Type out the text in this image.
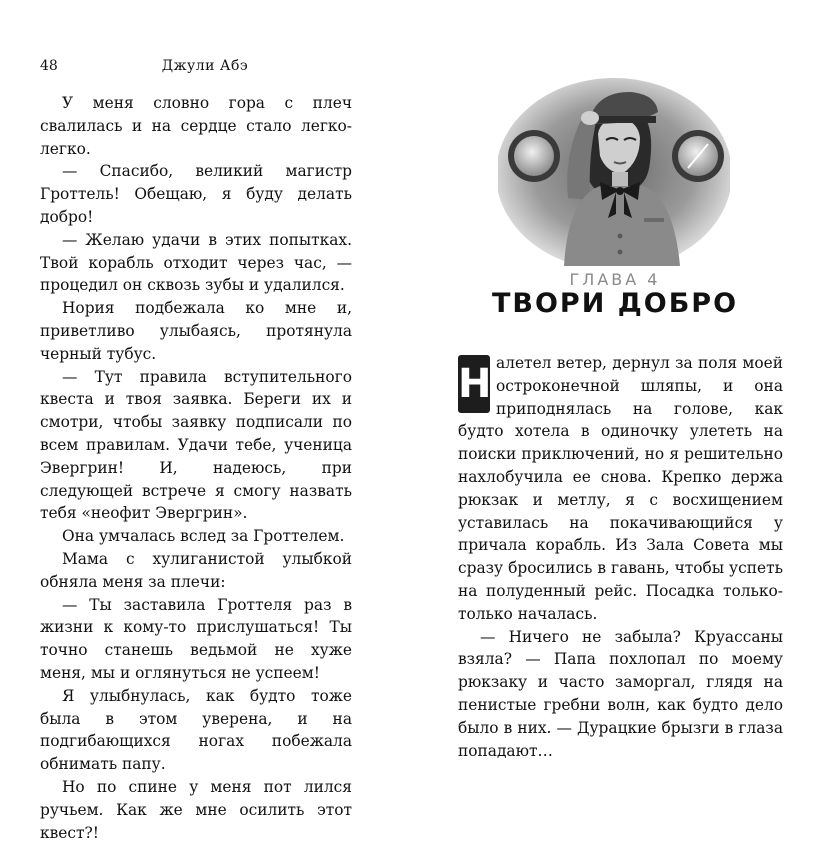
48	Джули Абэ

У меня словно гора с плеч свалилась и на сердце стало легко-легко.

— Спасибо, великий магистр Гроттель! Обещаю, я буду делать добро!

— Желаю удачи в этих попытках. Твой корабль отходит через час, — процедил он сквозь зубы и удалился.

Нория подбежала ко мне и, приветливо улыбаясь, протянула черный тубус.

— Тут правила вступительного квеста и твоя заявка. Береги их и смотри, чтобы заявку подписали по всем правилам. Удачи тебе, ученица Эвергрин! И, надеюсь, при следующей встрече я смогу назвать тебя «неофит Эвергрин».

Она умчалась вслед за Гроттелем.

Мама с хулиганистой улыбкой обняла меня за плечи:

— Ты заставила Гроттеля раз в жизни к кому-то прислушаться! Ты точно станешь ведьмой не хуже меня, мы и оглянуться не успеем!

Я улыбнулась, как будто тоже была в этом уверена, и на подгибающихся ногах побежала обнимать папу.

Но по спине у меня пот лился ручьем. Как же мне осилить этот квест?!

ГЛАВА 4
ТВОРИ ДОБРО

Н алетел ветер, дернул за поля моей остроконечной шляпы, и она приподнялась на голове, как будто хотела в одиночку улететь на поиски приключений, но я решительно нахлобучила ее снова. Крепко держа рюкзак и метлу, я с восхищением уставилась на покачивающийся у причала корабль. Из Зала Совета мы сразу бросились в гавань, чтобы успеть на полуденный рейс. Посадка только-только началась.

— Ничего не забыла? Круассаны взяла? — Папа похлопал по моему рюкзаку и часто заморгал, глядя на пенистые гребни волн, как будто дело было в них. — Дурацкие брызги в глаза попадают…
